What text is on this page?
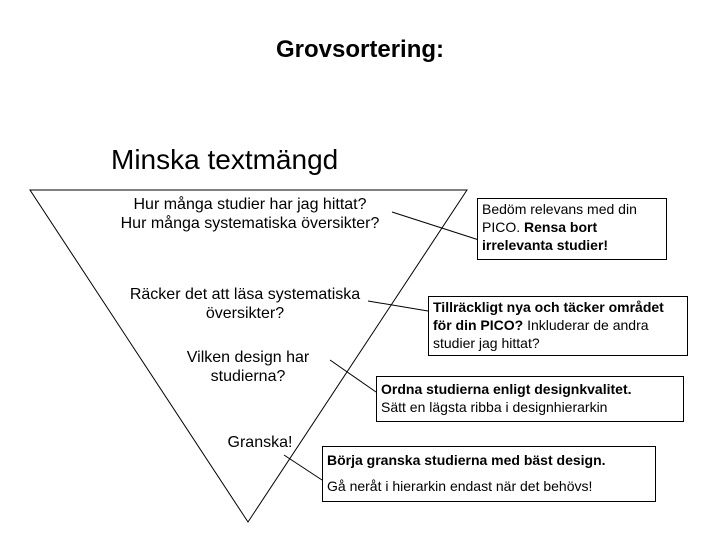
Grovsortering:
Minska textmängd
Hur många studier har jag hittat?
Hur många systematiska översikter?
Räcker det att läsa systematiska
översikter?
Vilken design har
studierna?
Granska!
Bedöm relevans med din PICO. Rensa bort irrelevanta studier!
Tillräckligt nya och täcker området för din PICO? Inkluderar de andra studier jag hittat?
Ordna studierna enligt designkvalitet.
Sätt en lägsta ribba i designhierarkin
Börja granska studierna med bäst design.
Gå neråt i hierarkin endast när det behövs!
